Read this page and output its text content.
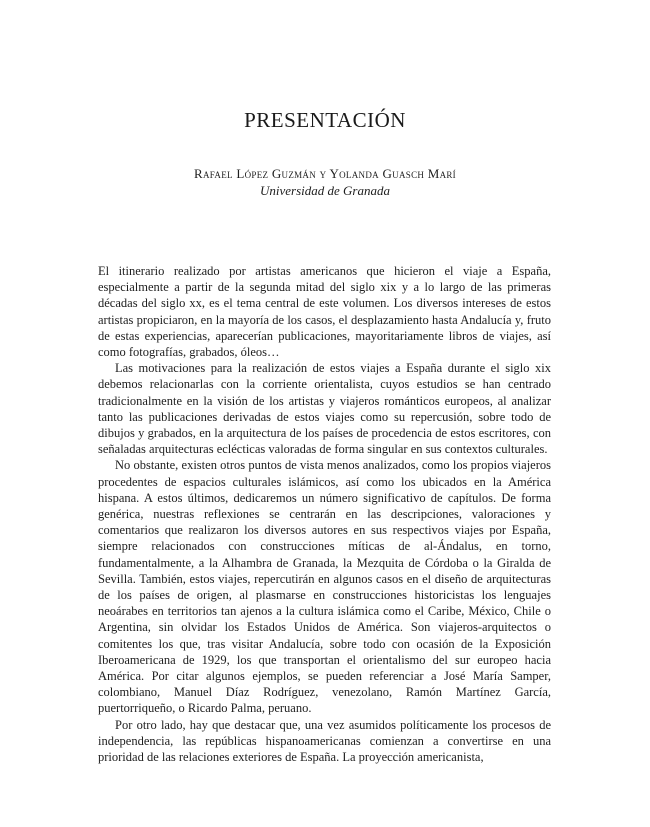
PRESENTACIÓN
Rafael López Guzmán y Yolanda Guasch Marí
Universidad de Granada

El itinerario realizado por artistas americanos que hicieron el viaje a España, especialmente a partir de la segunda mitad del siglo xix y a lo largo de las primeras décadas del siglo xx, es el tema central de este volumen. Los diversos intereses de estos artistas propiciaron, en la mayoría de los casos, el desplazamiento hasta Andalucía y, fruto de estas experiencias, aparecerían publicaciones, mayoritariamente libros de viajes, así como fotografías, grabados, óleos…

Las motivaciones para la realización de estos viajes a España durante el siglo xix debemos relacionarlas con la corriente orientalista, cuyos estudios se han centrado tradicionalmente en la visión de los artistas y viajeros románticos europeos, al analizar tanto las publicaciones derivadas de estos viajes como su repercusión, sobre todo de dibujos y grabados, en la arquitectura de los países de procedencia de estos escritores, con señaladas arquitecturas eclécticas valoradas de forma singular en sus contextos culturales.

No obstante, existen otros puntos de vista menos analizados, como los propios viajeros procedentes de espacios culturales islámicos, así como los ubicados en la América hispana. A estos últimos, dedicaremos un número significativo de capítulos. De forma genérica, nuestras reflexiones se centrarán en las descripciones, valoraciones y comentarios que realizaron los diversos autores en sus respectivos viajes por España, siempre relacionados con construcciones míticas de al-Ándalus, en torno, fundamentalmente, a la Alhambra de Granada, la Mezquita de Córdoba o la Giralda de Sevilla. También, estos viajes, repercutirán en algunos casos en el diseño de arquitecturas de los países de origen, al plasmarse en construcciones historicistas los lenguajes neoárabes en territorios tan ajenos a la cultura islámica como el Caribe, México, Chile o Argentina, sin olvidar los Estados Unidos de América. Son viajeros-arquitectos o comitentes los que, tras visitar Andalucía, sobre todo con ocasión de la Exposición Iberoamericana de 1929, los que transportan el orientalismo del sur europeo hacia América. Por citar algunos ejemplos, se pueden referenciar a José María Samper, colombiano, Manuel Díaz Rodríguez, venezolano, Ramón Martínez García, puertorriqueño, o Ricardo Palma, peruano.

Por otro lado, hay que destacar que, una vez asumidos políticamente los procesos de independencia, las repúblicas hispanoamericanas comienzan a convertirse en una prioridad de las relaciones exteriores de España. La proyección americanista,
